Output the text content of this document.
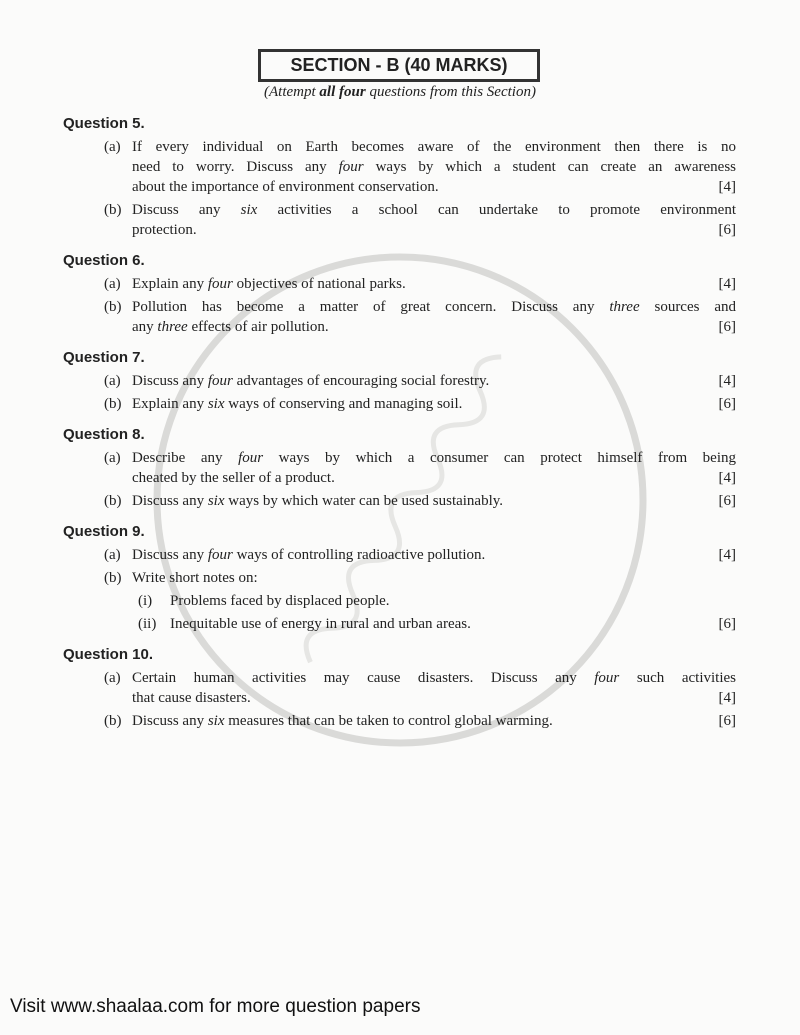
SECTION - B (40 MARKS)
(Attempt all four questions from this Section)
Question 5.
(a) If every individual on Earth becomes aware of the environment then there is no
need to worry. Discuss any four ways by which a student can create an awareness
[4]
about the importance of environment conservation.
(b) Discuss any six activities a school can undertake to promote environment
[6]
protection.
Question 6.
(a)	[4]
Explain any four objectives of national parks.
(b) Pollution has become a matter of great concern. Discuss any three sources and
[6]
any three effects of air pollution.
Question 7.
(a)	[4]
Discuss any four advantages of encouraging social forestry.
(b)	[6]
Explain any six ways of conserving and managing soil.
Question 8.
(a) Describe any four ways by which a consumer can protect himself from being
[4]
cheated by the seller of a product.
(b)	[6]
Discuss any six ways by which water can be used sustainably.
Question 9.
(a)	[4]
Discuss any four ways of controlling radioactive pollution.
(b) Write short notes on:
(i) Problems faced by displaced people.
(ii)	[6]
Inequitable use of energy in rural and urban areas.
Question 10.
(a) Certain human activities may cause disasters. Discuss any four such activities
[4]
that cause disasters.
(b)	[6]
Discuss any six measures that can be taken to control global warming.
Visit www.shaalaa.com for more question papers
